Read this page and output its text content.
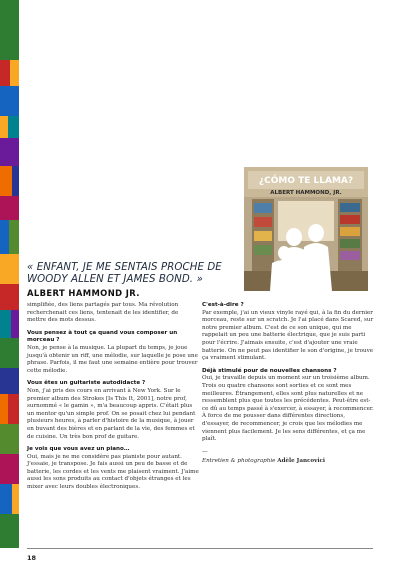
¿CÓMO TE LLAMA?
ALBERT HAMMOND, JR.
« ENFANT, JE ME SENTAIS PROCHE DE WOODY ALLEN ET JAMES BOND. »
ALBERT HAMMOND JR.

simplifiée, des liens partagés par tous. Ma révolution recherchenait ces liens, tentenait de les identifier, de mettre des mots dessus.

Vous pensez à tout ça quand vous composer un morceau ?
Non, je pense à la musique. La plupart du temps, je joue jusqu'à obtenir un riff, une mélodie, sur laquelle je pose une phrase. Parfois, il me faut une semaine entière pour trouver cette mélodie.

Vous êtes un guitariste autodidacte ?
Non, j'ai pris des cours en arrivant à New York. Sur le premier album des Strokes [Is This It, 2001], notre prof, surnommé « le gamin », m'a beaucoup appris. C'était plus un mentor qu'un simple prof. On se posait chez lui pendant plusieurs heures, à parler d'histoire de la musique, à jouer en buvant des bières et en parlant de la vie, des femmes et de cuisine. Un très bon prof de guitare.

Je vois que vous avez un piano…
Oui, mais je ne me considère pas pianiste pour autant. J'essaie, je transpose. Je fais aussi un peu de basse et de batterie, les cordes et les vents me plaisent vraiment. J'aime aussi les sons produits au contact d'objets étranges et les mixer avec leurs doubles électroniques.

C'est-à-dire ?
Par exemple, j'ai un vieux vinyle rayé qui, à la fin du dernier morceau, reste sur un scratch. Je l'ai placé dans Scared, sur notre premier album. C'est de ce son unique, qui me rappelait un peu une batterie électrique, que je suis parti pour l'écrire. J'aimais ensuite, c'est d'ajouter une vraie batterie. On ne peut pas identifier le son d'origine, je trouve ça vraiment stimulant.

Déjà stimulé pour de nouvelles chansons ?
Oui, je travaille depuis un moment sur un troisième album. Trois ou quatre chansons sont sorties et ce sont mes meilleures. Étrangement, elles sont plus naturelles et ne ressemblent plus que toutes les précédentes. Peut-être est-ce dû au temps passé à s'exercer, à essayer, à recommencer. À force de me pousser dans différentes directions, d'essayer, de recommencer, je crois que les mélodies me viennent plus facilement. Je les sens différentes, et ça me plaît.

—

Entretien & photographie Adèle Jancovici

18
